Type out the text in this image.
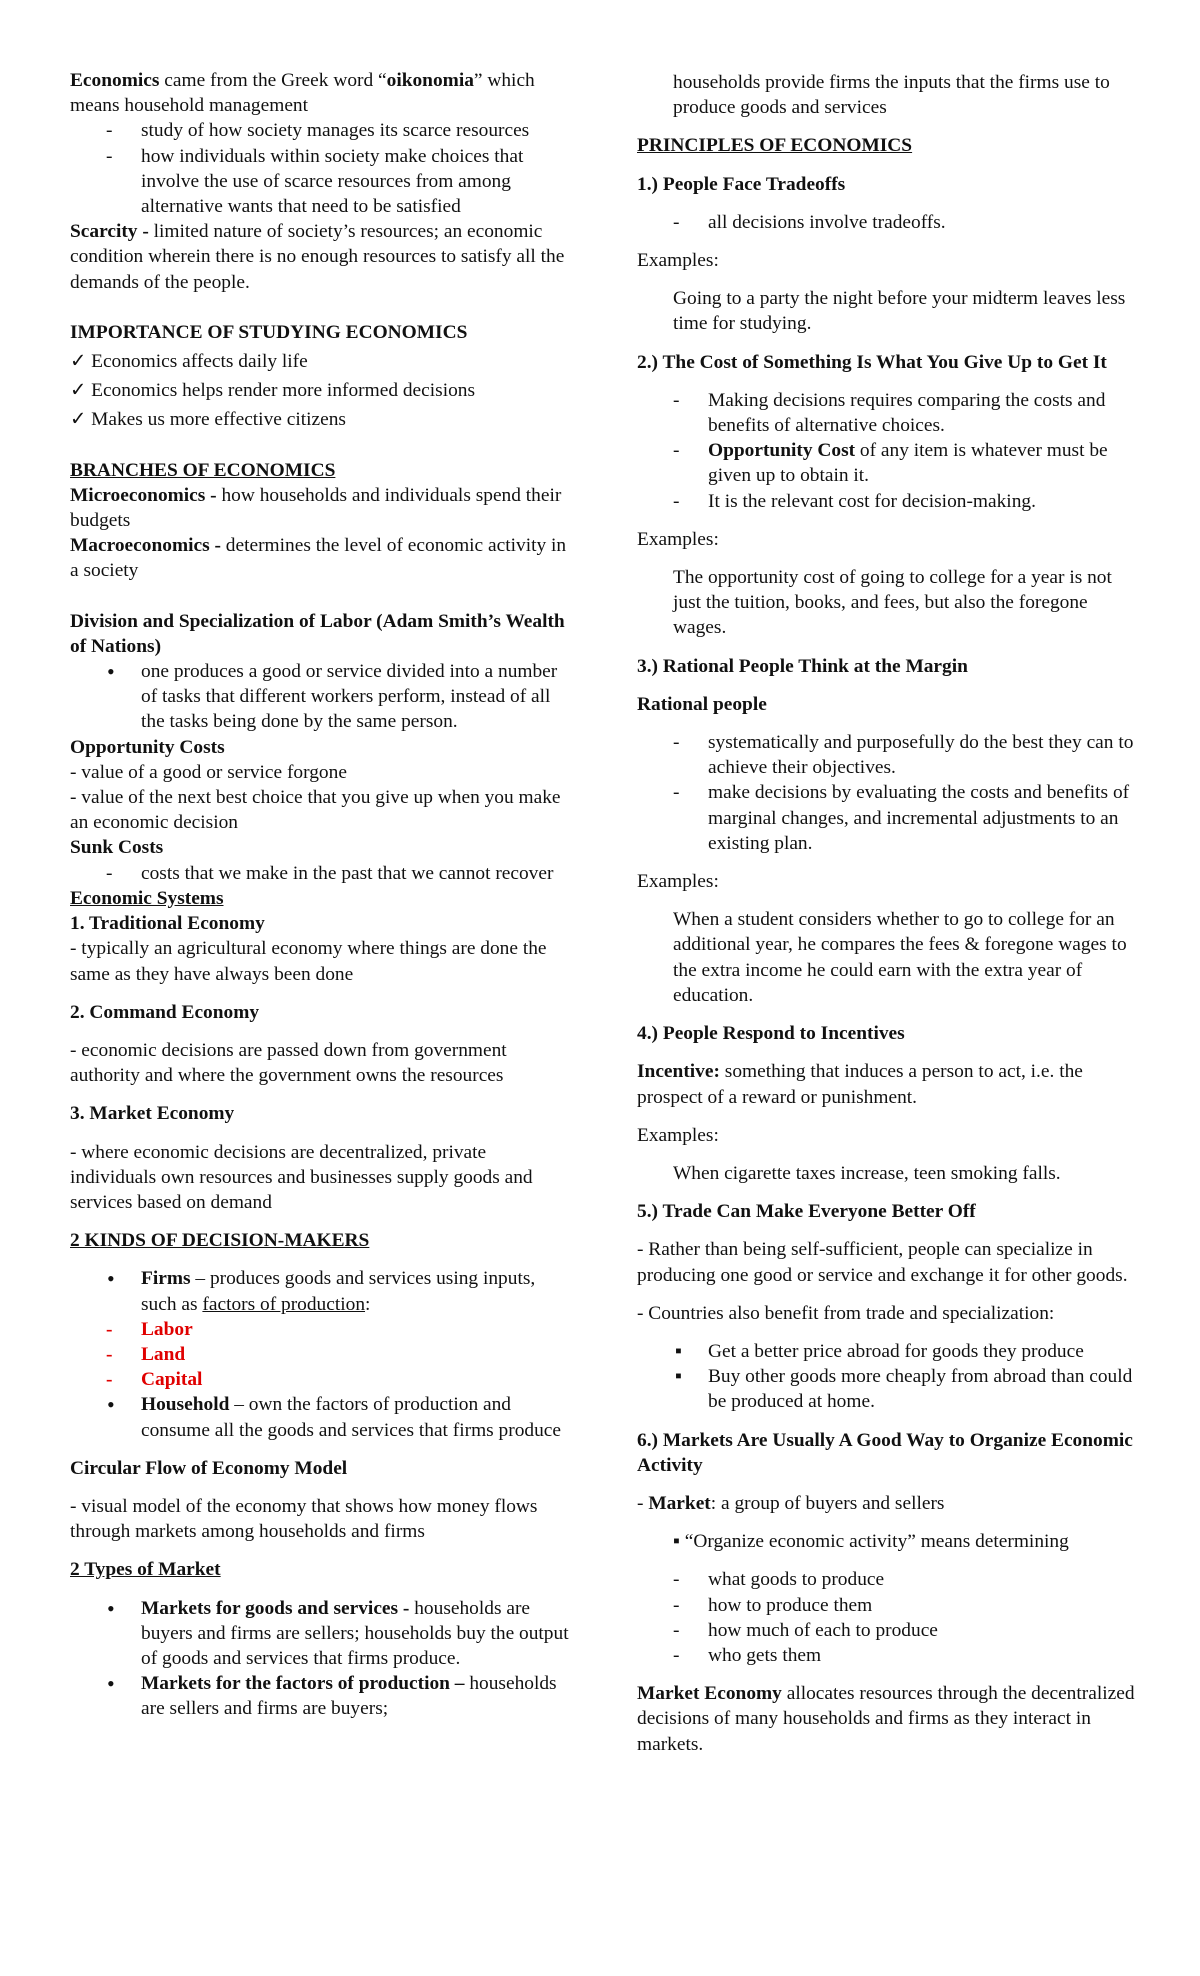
Economics came from the Greek word “oikonomia” which means household management

- study of how society manages its scarce resources

- how individuals within society make choices that involve the use of scarce resources from among alternative wants that need to be satisfied

Scarcity - limited nature of society’s resources; an economic condition wherein there is no enough resources to satisfy all the demands of the people.

IMPORTANCE OF STUDYING ECONOMICS

✓ Economics affects daily life

✓ Economics helps render more informed decisions

✓ Makes us more effective citizens

BRANCHES OF ECONOMICS

Microeconomics - how households and individuals spend their budgets

Macroeconomics - determines the level of economic activity in a society

Division and Specialization of Labor (Adam Smith’s Wealth of Nations)

• one produces a good or service divided into a number of tasks that different workers perform, instead of all the tasks being done by the same person.

Opportunity Costs

- value of a good or service forgone

- value of the next best choice that you give up when you make an economic decision

Sunk Costs

- costs that we make in the past that we cannot recover

Economic Systems

1. Traditional Economy

- typically an agricultural economy where things are done the same as they have always been done

2. Command Economy

- economic decisions are passed down from government authority and where the government owns the resources

3. Market Economy

- where economic decisions are decentralized, private individuals own resources and businesses supply goods and services based on demand

2 KINDS OF DECISION-MAKERS

• Firms – produces goods and services using inputs, such as factors of production:

- Labor

- Land

- Capital

• Household – own the factors of production and consume all the goods and services that firms produce

Circular Flow of Economy Model

- visual model of the economy that shows how money flows through markets among households and firms

2 Types of Market

• Markets for goods and services - households are buyers and firms are sellers; households buy the output of goods and services that firms produce.

• Markets for the factors of production – households are sellers and firms are buyers;

households provide firms the inputs that the firms use to produce goods and services

PRINCIPLES OF ECONOMICS

1.) People Face Tradeoffs

- all decisions involve tradeoffs.

Examples:

Going to a party the night before your midterm leaves less time for studying.

2.) The Cost of Something Is What You Give Up to Get It

- Making decisions requires comparing the costs and benefits of alternative choices.

- Opportunity Cost of any item is whatever must be given up to obtain it.

- It is the relevant cost for decision-making.

Examples:

The opportunity cost of going to college for a year is not just the tuition, books, and fees, but also the foregone wages.

3.) Rational People Think at the Margin

Rational people

- systematically and purposefully do the best they can to achieve their objectives.

- make decisions by evaluating the costs and benefits of marginal changes, and incremental adjustments to an existing plan.

Examples:

When a student considers whether to go to college for an additional year, he compares the fees & foregone wages to the extra income he could earn with the extra year of education.

4.) People Respond to Incentives

Incentive: something that induces a person to act, i.e. the prospect of a reward or punishment.

Examples:

When cigarette taxes increase, teen smoking falls.

5.) Trade Can Make Everyone Better Off

- Rather than being self-sufficient, people can specialize in producing one good or service and exchange it for other goods.

- Countries also benefit from trade and specialization:

▪ Get a better price abroad for goods they produce

▪ Buy other goods more cheaply from abroad than could be produced at home.

6.) Markets Are Usually A Good Way to Organize Economic Activity

- Market: a group of buyers and sellers

▪ “Organize economic activity” means determining

- what goods to produce

- how to produce them

- how much of each to produce

- who gets them

Market Economy allocates resources through the decentralized decisions of many households and firms as they interact in markets.
